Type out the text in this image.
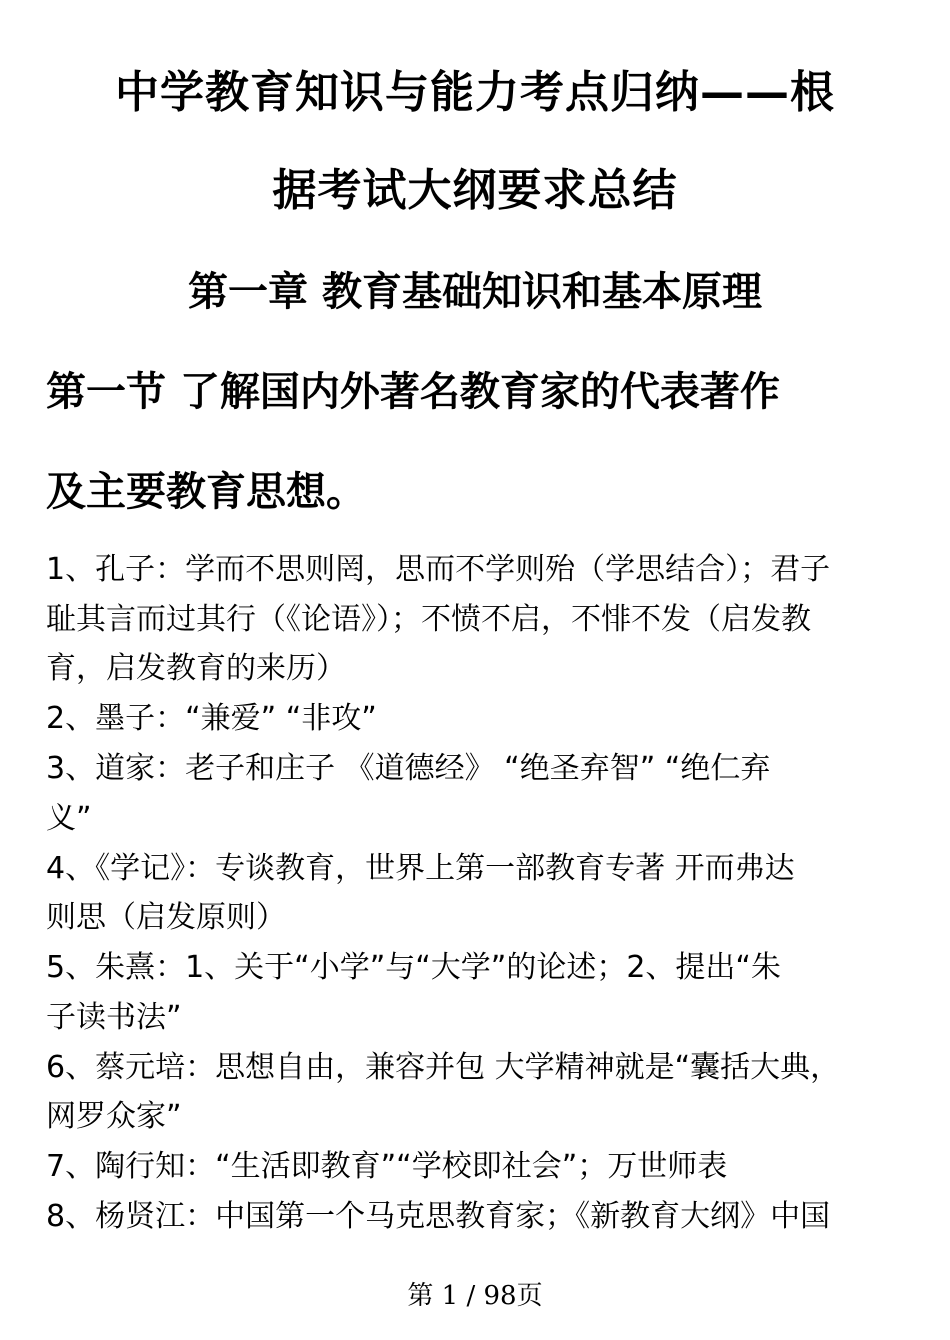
中学教育知识与能力考点归纳——根
据考试大纲要求总结
第一章 教育基础知识和基本原理
第一节 了解国内外著名教育家的代表著作
及主要教育思想。
1、孔子：学而不思则罔，思而不学则殆（学思结合）；君子
耻其言而过其行（《论语》）；不愤不启，不悱不发（启发教
育，启发教育的来历）
2、墨子：“兼爱” “非攻”
3、道家：老子和庄子 《道德经》 “绝圣弃智” “绝仁弃
义”
4、《学记》：专谈教育，世界上第一部教育专著 开而弗达
则思（启发原则）
5、朱熹：1、关于“小学”与“大学”的论述；2、提出“朱
子读书法”
6、蔡元培：思想自由，兼容并包 大学精神就是“囊括大典，
网罗众家”
7、陶行知：“生活即教育”“学校即社会”；万世师表
8、杨贤江：中国第一个马克思教育家；《新教育大纲》中国
第 1 / 98页
